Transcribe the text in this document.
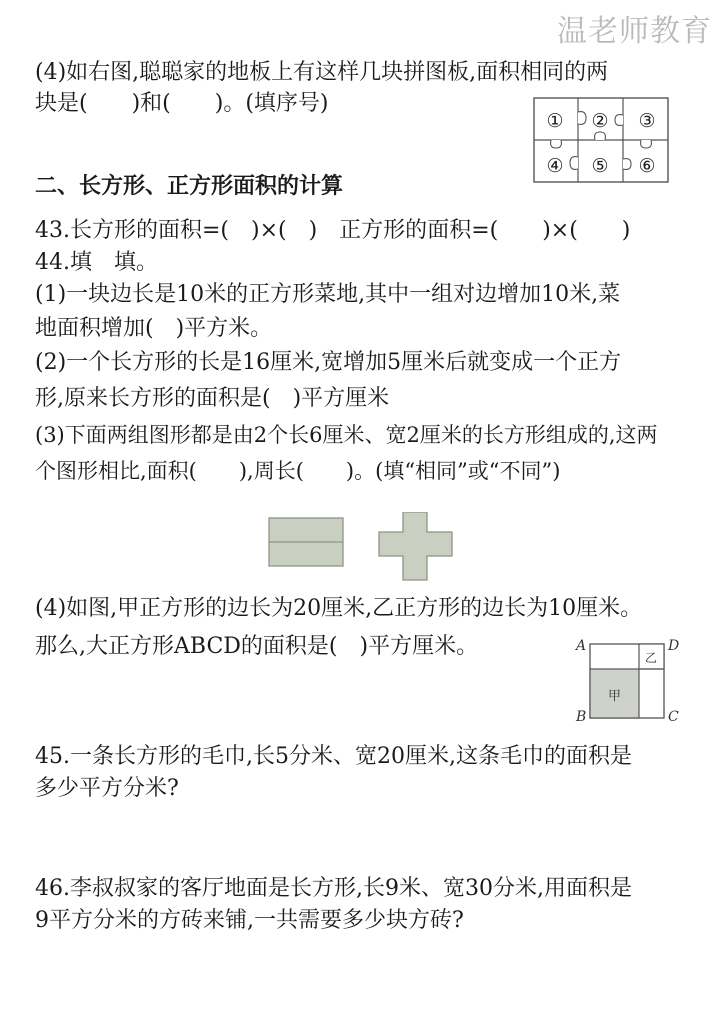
温老师教育
(4)如右图,聪聪家的地板上有这样几块拼图板,面积相同的两
块是(　　)和(　　)。(填序号)
① ② ③
④ ⑤ ⑥
二、长方形、正方形面积的计算
43.长方形的面积=(　)×(　)　正方形的面积=(　　)×(　　)
44.填　填。
(1)一块边长是10米的正方形菜地,其中一组对边增加10米,菜
地面积增加(　)平方米。
(2)一个长方形的长是16厘米,宽增加5厘米后就变成一个正方
形,原来长方形的面积是(　)平方厘米
(3)下面两组图形都是由2个长6厘米、宽2厘米的长方形组成的,这两
个图形相比,面积(　　),周长(　　)。(填“相同”或“不同”)
(4)如图,甲正方形的边长为20厘米,乙正方形的边长为10厘米。
那么,大正方形ABCD的面积是(　)平方厘米。	A	D
B	C
甲
乙
45.一条长方形的毛巾,长5分米、宽20厘米,这条毛巾的面积是
多少平方分米?
46.李叔叔家的客厅地面是长方形,长9米、宽30分米,用面积是
9平方分米的方砖来铺,一共需要多少块方砖?
